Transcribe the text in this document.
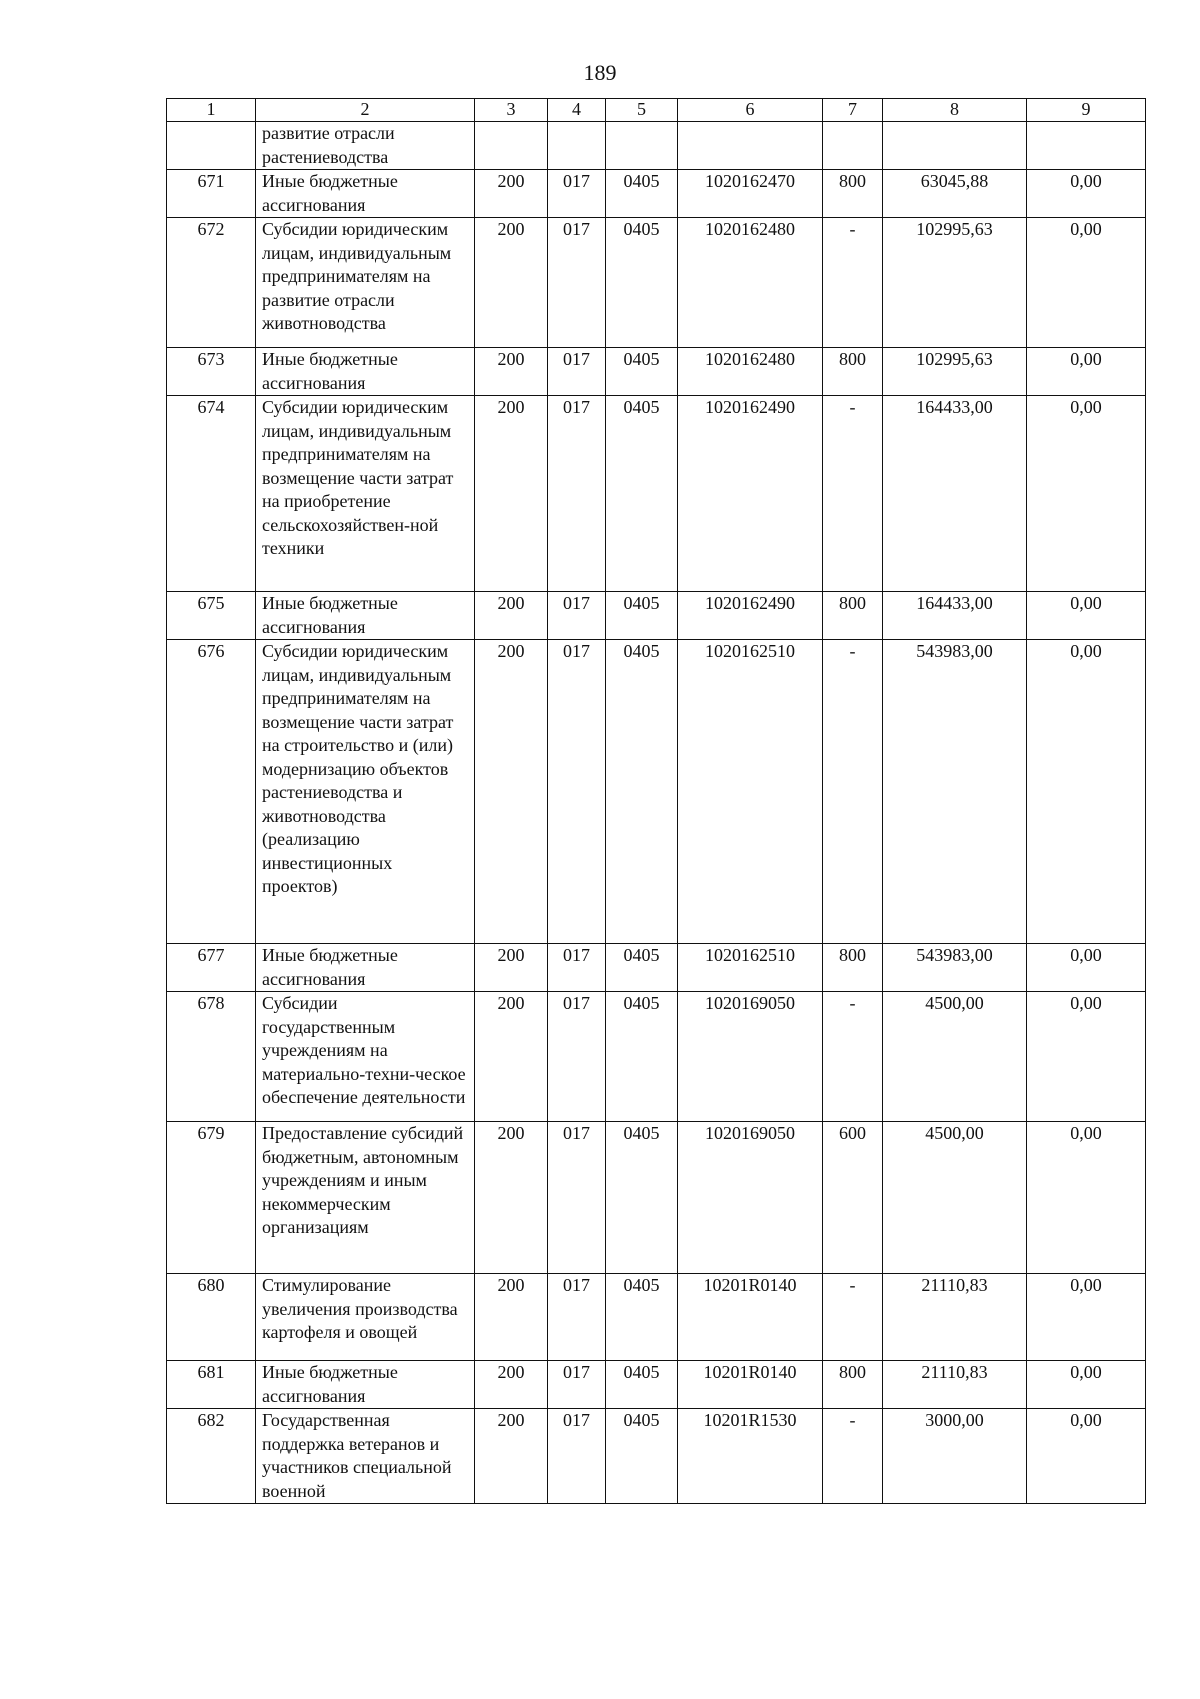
189
1	2	3	4	5	6	7	8	9
	развитие отрасли растениеводства							
671	Иные бюджетные ассигнования	200	017	0405	1020162470	800	63045,88	0,00
672	Субсидии юридическим лицам, индивидуальным предпринимателям на развитие отрасли животноводства	200	017	0405	1020162480	-	102995,63	0,00
673	Иные бюджетные ассигнования	200	017	0405	1020162480	800	102995,63	0,00
674	Субсидии юридическим лицам, индивидуальным предпринимателям на возмещение части затрат на приобретение сельскохозяйствен-ной техники	200	017	0405	1020162490	-	164433,00	0,00
675	Иные бюджетные ассигнования	200	017	0405	1020162490	800	164433,00	0,00
676	Субсидии юридическим лицам, индивидуальным предпринимателям на возмещение части затрат на строительство и (или) модернизацию объектов растениеводства и животноводства (реализацию инвестиционных проектов)	200	017	0405	1020162510	-	543983,00	0,00
677	Иные бюджетные ассигнования	200	017	0405	1020162510	800	543983,00	0,00
678	Субсидии государственным учреждениям на материально-техни-ческое обеспечение деятельности	200	017	0405	1020169050	-	4500,00	0,00
679	Предоставление субсидий бюджетным, автономным учреждениям и иным некоммерческим организациям	200	017	0405	1020169050	600	4500,00	0,00
680	Стимулирование увеличения производства картофеля и овощей	200	017	0405	10201R0140	-	21110,83	0,00
681	Иные бюджетные ассигнования	200	017	0405	10201R0140	800	21110,83	0,00
682	Государственная поддержка ветеранов и участников специальной военной	200	017	0405	10201R1530	-	3000,00	0,00
